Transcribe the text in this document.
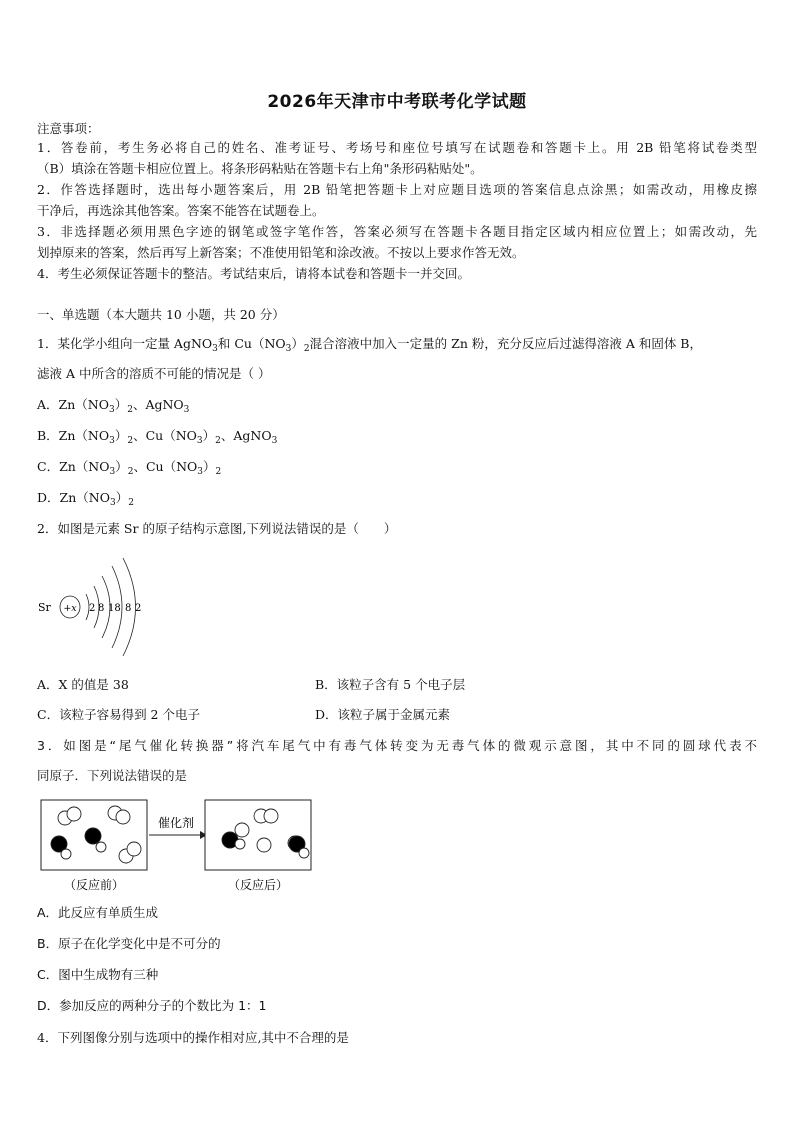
2026年天津市中考联考化学试题
注意事项：
1．答卷前，考生务必将自己的姓名、准考证号、考场号和座位号填写在试题卷和答题卡上。用 2B 铅笔将试卷类型
（B）填涂在答题卡相应位置上。将条形码粘贴在答题卡右上角"条形码粘贴处"。
2．作答选择题时，选出每小题答案后，用 2B 铅笔把答题卡上对应题目选项的答案信息点涂黑；如需改动，用橡皮擦
干净后，再选涂其他答案。答案不能答在试题卷上。
3．非选择题必须用黑色字迹的钢笔或签字笔作答，答案必须写在答题卡各题目指定区域内相应位置上；如需改动，先
划掉原来的答案，然后再写上新答案；不准使用铅笔和涂改液。不按以上要求作答无效。
4．考生必须保证答题卡的整洁。考试结束后，请将本试卷和答题卡一并交回。
一、单选题（本大题共 10 小题，共 20 分）
1．某化学小组向一定量 AgNO$_3$和 $Cu(NO_3)_2$混合溶液中加入一定量的 Zn 粉，充分反应后过滤得溶液 A 和固体 B，
滤液 A 中所含的溶质不可能的情况是（ ）
A．$Zn(NO_3)_2$、AgNO$_3$
B．$Zn(NO_3)_2$、$Cu(NO_3)_2$、AgNO$_3$
C．$Zn(NO_3)_2$、$Cu(NO_3)_2$
D．$Zn(NO_3)_2$
2．如图是元素 Sr 的原子结构示意图,下列说法错误的是（　　）
Sr +x 2 8 18 8 2
A．X 的值是 38	B．该粒子含有 5 个电子层
C．该粒子容易得到 2 个电子	D．该粒子属于金属元素
3．如图是“尾气催化转换器”将汽车尾气中有毒气体转变为无毒气体的微观示意图，其中不同的圆球代表不
同原子．下列说法错误的是
催化剂
（反应前）	（反应后）
A．此反应有单质生成
B．原子在化学变化中是不可分的
C．图中生成物有三种
D．参加反应的两种分子的个数比为 1：1
4．下列图像分别与选项中的操作相对应,其中不合理的是
